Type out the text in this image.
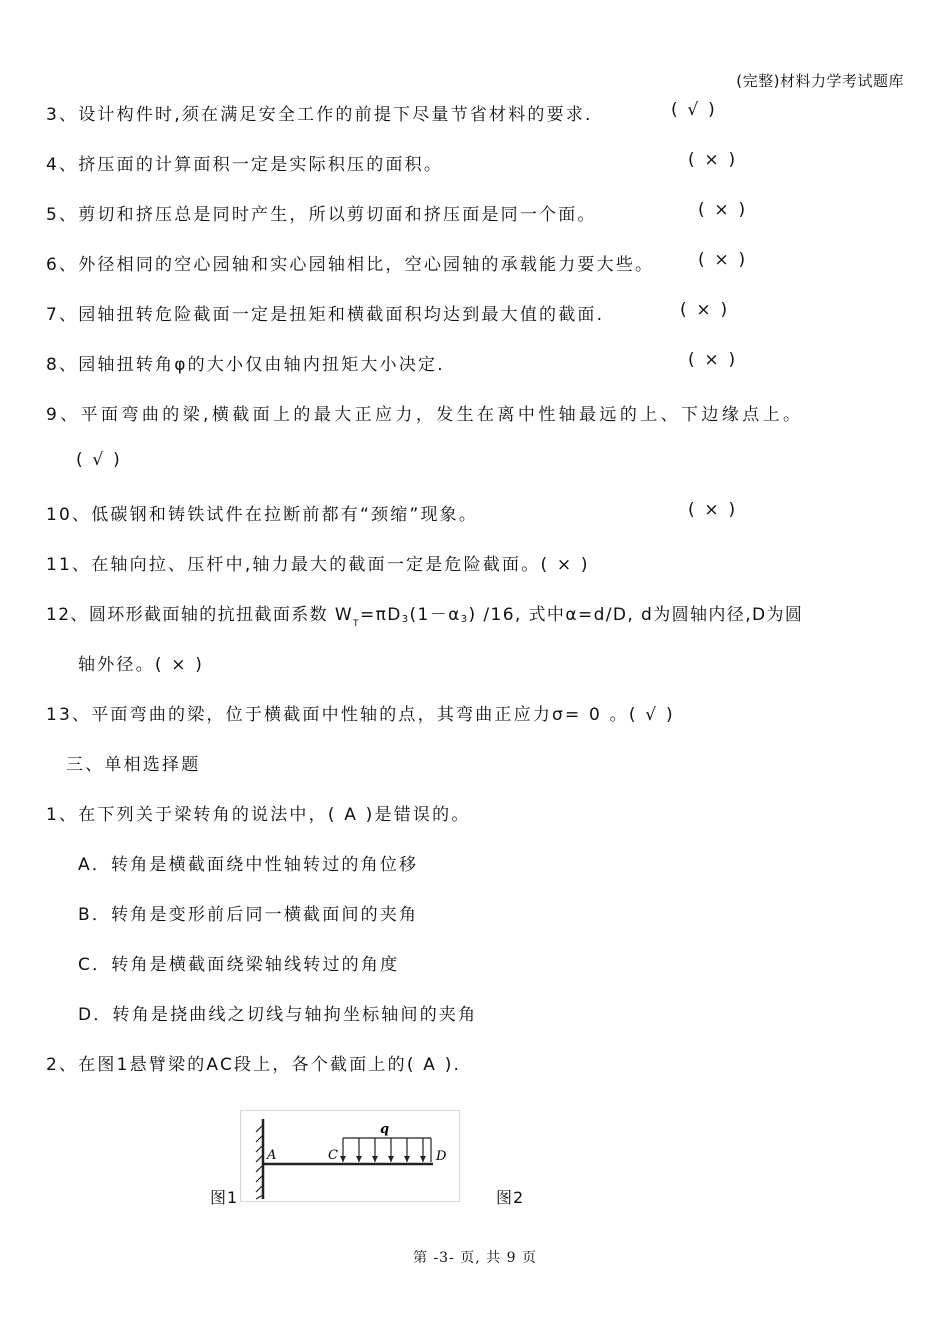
(完整)材料力学考试题库
3、设计构件时,须在满足安全工作的前提下尽量节省材料的要求.	( √ )
4、挤压面的计算面积一定是实际积压的面积。	( × )
5、剪切和挤压总是同时产生，所以剪切面和挤压面是同一个面。	( × )
6、外径相同的空心园轴和实心园轴相比，空心园轴的承载能力要大些。	( × )
7、园轴扭转危险截面一定是扭矩和横截面积均达到最大值的截面.	( × )
8、园轴扭转角φ的大小仅由轴内扭矩大小决定.	( × )
9、平面弯曲的梁,横截面上的最大正应力，发生在离中性轴最远的上、下边缘点上。
( √ )
10、低碳钢和铸铁试件在拉断前都有“颈缩”现象。	( × )
11、在轴向拉、压杆中,轴力最大的截面一定是危险截面。( × )
12、圆环形截面轴的抗扭截面系数 $W_T=\pi D_3(1-\alpha_3)$ /16, 式中α=d/D, d为圆轴内径,D为圆
轴外径。( × )
13、平面弯曲的梁，位于横截面中性轴的点，其弯曲正应力σ= 0 。( √ )
三、单相选择题
1、在下列关于梁转角的说法中，( A )是错误的。
A．转角是横截面绕中性轴转过的角位移
B．转角是变形前后同一横截面间的夹角
C．转角是横截面绕梁轴线转过的角度
D．转角是挠曲线之切线与轴拘坐标轴间的夹角
2、在图1悬臂梁的AC段上，各个截面上的( A ).
A	C	D
q
图1	图2
第 -3- 页, 共 9 页
